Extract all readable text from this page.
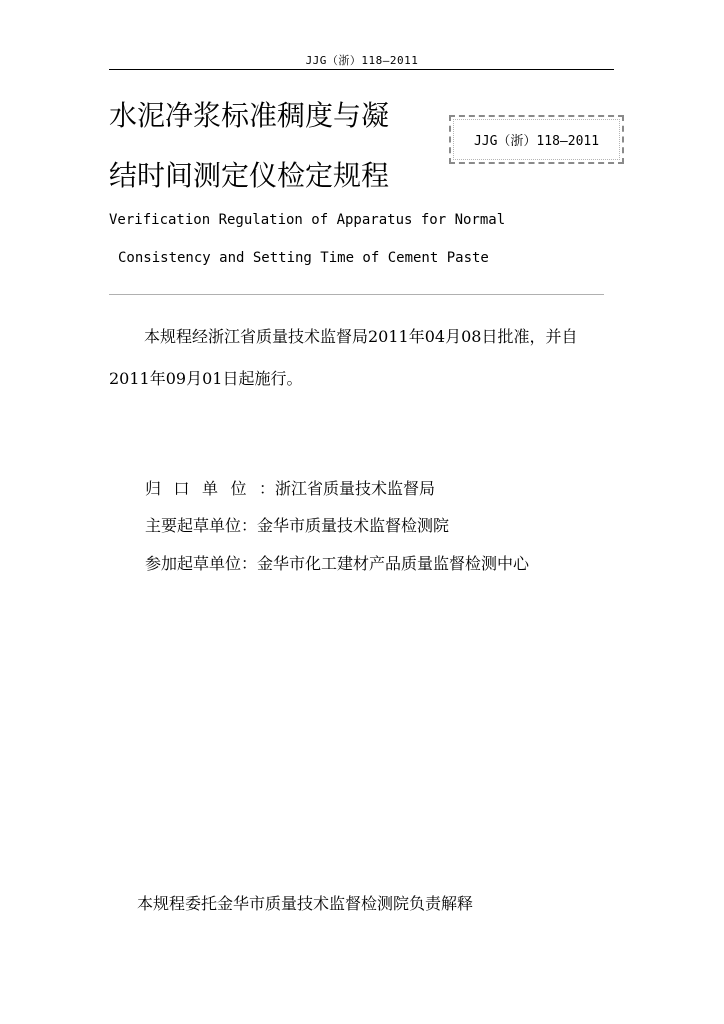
JJG（浙）118—2011
水泥净浆标准稠度与凝
结时间测定仪检定规程
JJG（浙）118—2011
Verification Regulation of Apparatus for Normal
Consistency and Setting Time of Cement Paste
本规程经浙江省质量技术监督局2011年04月08日批准，并自
2011年09月01日起施行。
归口单位：浙江省质量技术监督局
主要起草单位：金华市质量技术监督检测院
参加起草单位：金华市化工建材产品质量监督检测中心
本规程委托金华市质量技术监督检测院负责解释
